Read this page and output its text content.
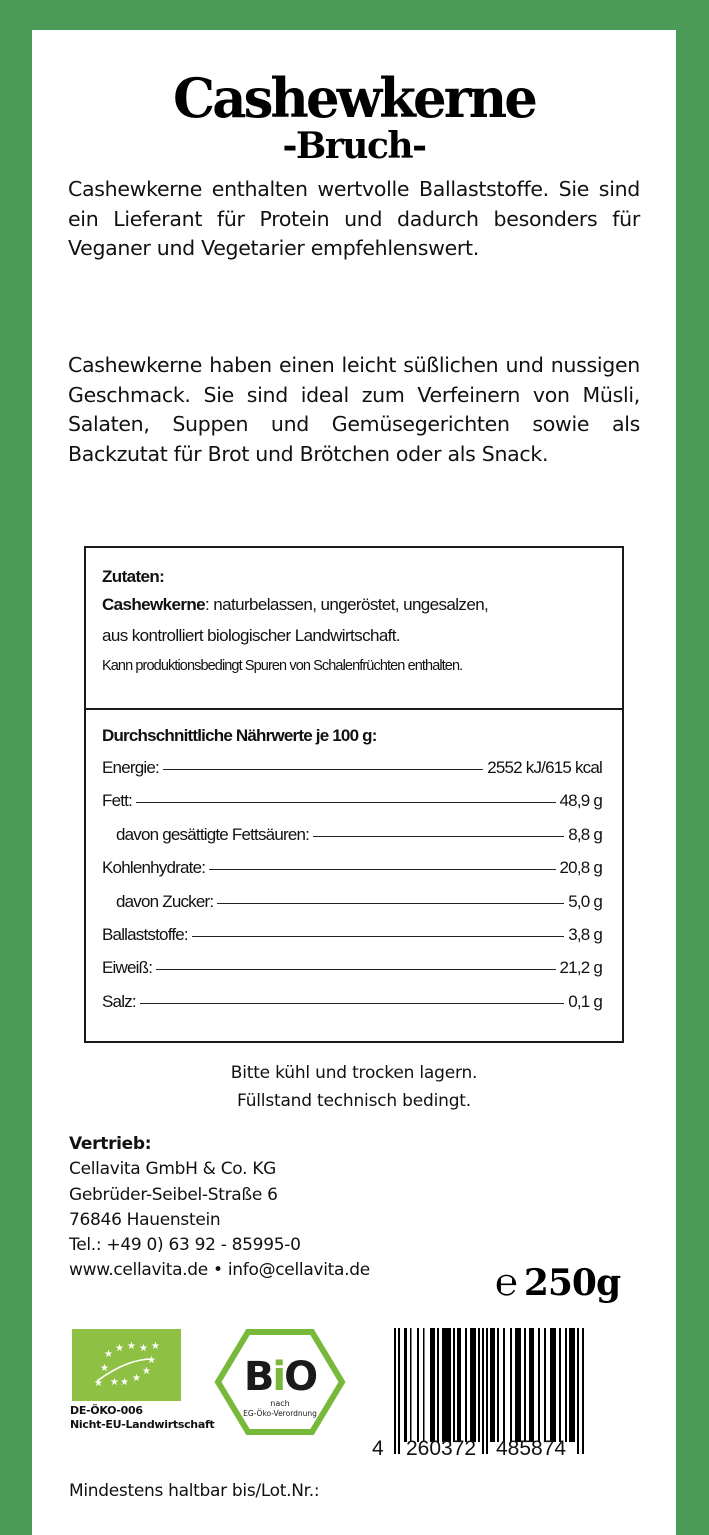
Cashewkerne
-Bruch-

Cashewkerne enthalten wertvolle Ballaststoffe. Sie sind ein Lieferant für Protein und dadurch besonders für Veganer und Vegetarier empfehlenswert.

Cashewkerne haben einen leicht süßlichen und nussigen Geschmack. Sie sind ideal zum Verfeinern von Müsli, Salaten, Suppen und Gemüsegerichten sowie als Backzutat für Brot und Brötchen oder als Snack.

Zutaten:
Cashewkerne: naturbelassen, ungeröstet, ungesalzen,
aus kontrolliert biologischer Landwirtschaft.
Kann produktionsbedingt Spuren von Schalenfrüchten enthalten.
Durchschnittliche Nährwerte je 100 g:
Energie:	2552 kJ/615 kcal
Fett:	48,9 g
davon gesättigte Fettsäuren:	8,8 g
Kohlenhydrate:	20,8 g
davon Zucker:	5,0 g
Ballaststoffe:	3,8 g
Eiweiß:	21,2 g
Salz:	0,1 g
Bitte kühl und trocken lagern.
Füllstand technisch bedingt.
Vertrieb:
Cellavita GmbH & Co. KG
Gebrüder-Seibel-Straße 6
76846 Hauenstein
Tel.: +49 0) 63 92 - 85995-0
www.cellavita.de • info@cellavita.de	℮ 250g
★
★ ★ ★ ★
★
★	★
★
★
★
★
DE-ÖKO-006
Nicht-EU-Landwirtschaft
BiO
nach
EG-Öko-Verordnung
4 260372 485874
Mindestens haltbar bis/Lot.Nr.:
